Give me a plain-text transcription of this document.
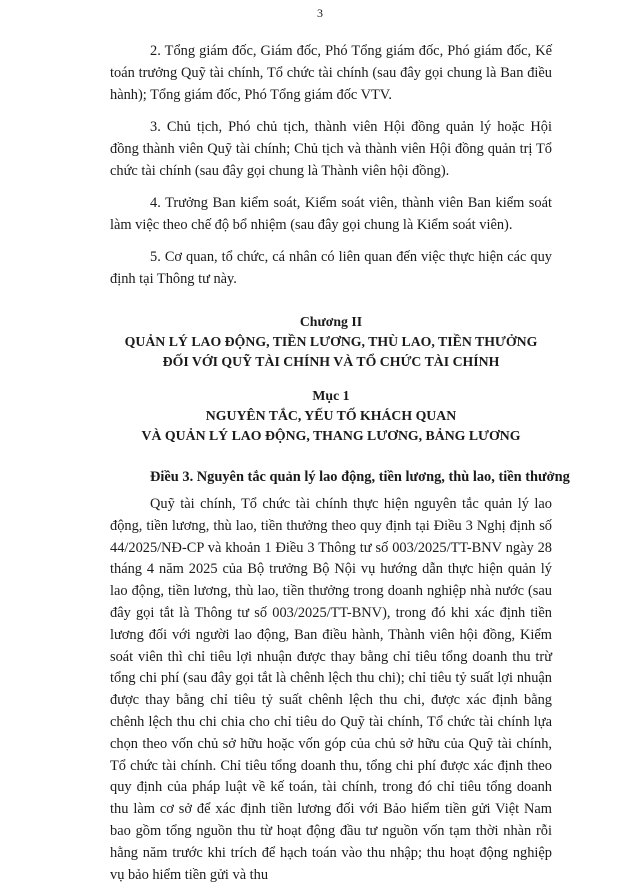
3

2. Tổng giám đốc, Giám đốc, Phó Tổng giám đốc, Phó giám đốc, Kế toán trưởng Quỹ tài chính, Tổ chức tài chính (sau đây gọi chung là Ban điều hành); Tổng giám đốc, Phó Tổng giám đốc VTV.

3. Chủ tịch, Phó chủ tịch, thành viên Hội đồng quản lý hoặc Hội đồng thành viên Quỹ tài chính; Chủ tịch và thành viên Hội đồng quản trị Tổ chức tài chính (sau đây gọi chung là Thành viên hội đồng).

4. Trưởng Ban kiểm soát, Kiểm soát viên, thành viên Ban kiểm soát làm việc theo chế độ bổ nhiệm (sau đây gọi chung là Kiểm soát viên).

5. Cơ quan, tổ chức, cá nhân có liên quan đến việc thực hiện các quy định tại Thông tư này.

Chương II
QUẢN LÝ LAO ĐỘNG, TIỀN LƯƠNG, THÙ LAO, TIỀN THƯỞNG
ĐỐI VỚI QUỸ TÀI CHÍNH VÀ TỔ CHỨC TÀI CHÍNH
Mục 1
NGUYÊN TẮC, YẾU TỐ KHÁCH QUAN
VÀ QUẢN LÝ LAO ĐỘNG, THANG LƯƠNG, BẢNG LƯƠNG

Điều 3. Nguyên tắc quản lý lao động, tiền lương, thù lao, tiền thưởng

Quỹ tài chính, Tổ chức tài chính thực hiện nguyên tắc quản lý lao động, tiền lương, thù lao, tiền thưởng theo quy định tại Điều 3 Nghị định số 44/2025/NĐ-CP và khoản 1 Điều 3 Thông tư số 003/2025/TT-BNV ngày 28 tháng 4 năm 2025 của Bộ trưởng Bộ Nội vụ hướng dẫn thực hiện quản lý lao động, tiền lương, thù lao, tiền thưởng trong doanh nghiệp nhà nước (sau đây gọi tắt là Thông tư số 003/2025/TT-BNV), trong đó khi xác định tiền lương đối với người lao động, Ban điều hành, Thành viên hội đồng, Kiểm soát viên thì chỉ tiêu lợi nhuận được thay bằng chỉ tiêu tổng doanh thu trừ tổng chi phí (sau đây gọi tắt là chênh lệch thu chi); chỉ tiêu tỷ suất lợi nhuận được thay bằng chỉ tiêu tỷ suất chênh lệch thu chi, được xác định bằng chênh lệch thu chi chia cho chỉ tiêu do Quỹ tài chính, Tổ chức tài chính lựa chọn theo vốn chủ sở hữu hoặc vốn góp của chủ sở hữu của Quỹ tài chính, Tổ chức tài chính. Chỉ tiêu tổng doanh thu, tổng chi phí được xác định theo quy định của pháp luật về kế toán, tài chính, trong đó chỉ tiêu tổng doanh thu làm cơ sở để xác định tiền lương đối với Bảo hiểm tiền gửi Việt Nam bao gồm tổng nguồn thu từ hoạt động đầu tư nguồn vốn tạm thời nhàn rỗi hằng năm trước khi trích để hạch toán vào thu nhập; thu hoạt động nghiệp vụ bảo hiểm tiền gửi và thu
